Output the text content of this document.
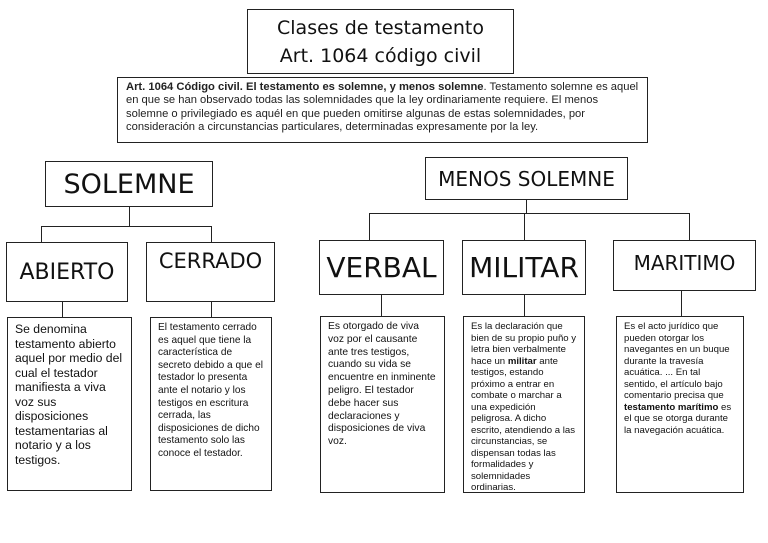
Clases de testamento
Art. 1064 código civil
Art. 1064 Código civil. El testamento es solemne, y menos solemne. Testamento solemne es aquel en que se han observado todas las solemnidades que la ley ordinariamente requiere. El menos solemne o privilegiado es aquél en que pueden omitirse algunas de estas solemnidades, por consideración a circunstancias particulares, determinadas expresamente por la ley.
SOLEMNE	MENOS SOLEMNE
ABIERTO	CERRADO	VERBAL MILITAR	MARITIMO
Se denomina testamento abierto aquel por medio del cual el testador manifiesta a viva voz sus disposiciones testamentarias al notario y a los testigos.
El testamento cerrado es aquel que tiene la característica de secreto debido a que el testador lo presenta ante el notario y los testigos en escritura cerrada, las disposiciones de dicho testamento solo las conoce el testador.
Es otorgado de viva voz por el causante ante tres testigos, cuando su vida se encuentre en inminente peligro. El testador debe hacer sus declaraciones y disposiciones de viva voz.
Es la declaración que bien de su propio puño y letra bien verbalmente hace un militar ante testigos, estando próximo a entrar en combate o marchar a una expedición peligrosa. A dicho escrito, atendiendo a las circunstancias, se dispensan todas las formalidades y solemnidades ordinarias.
Es el acto jurídico que pueden otorgar los navegantes en un buque durante la travesía acuática. ... En tal sentido, el artículo bajo comentario precisa que testamento marítimo es el que se otorga durante la navegación acuática.
